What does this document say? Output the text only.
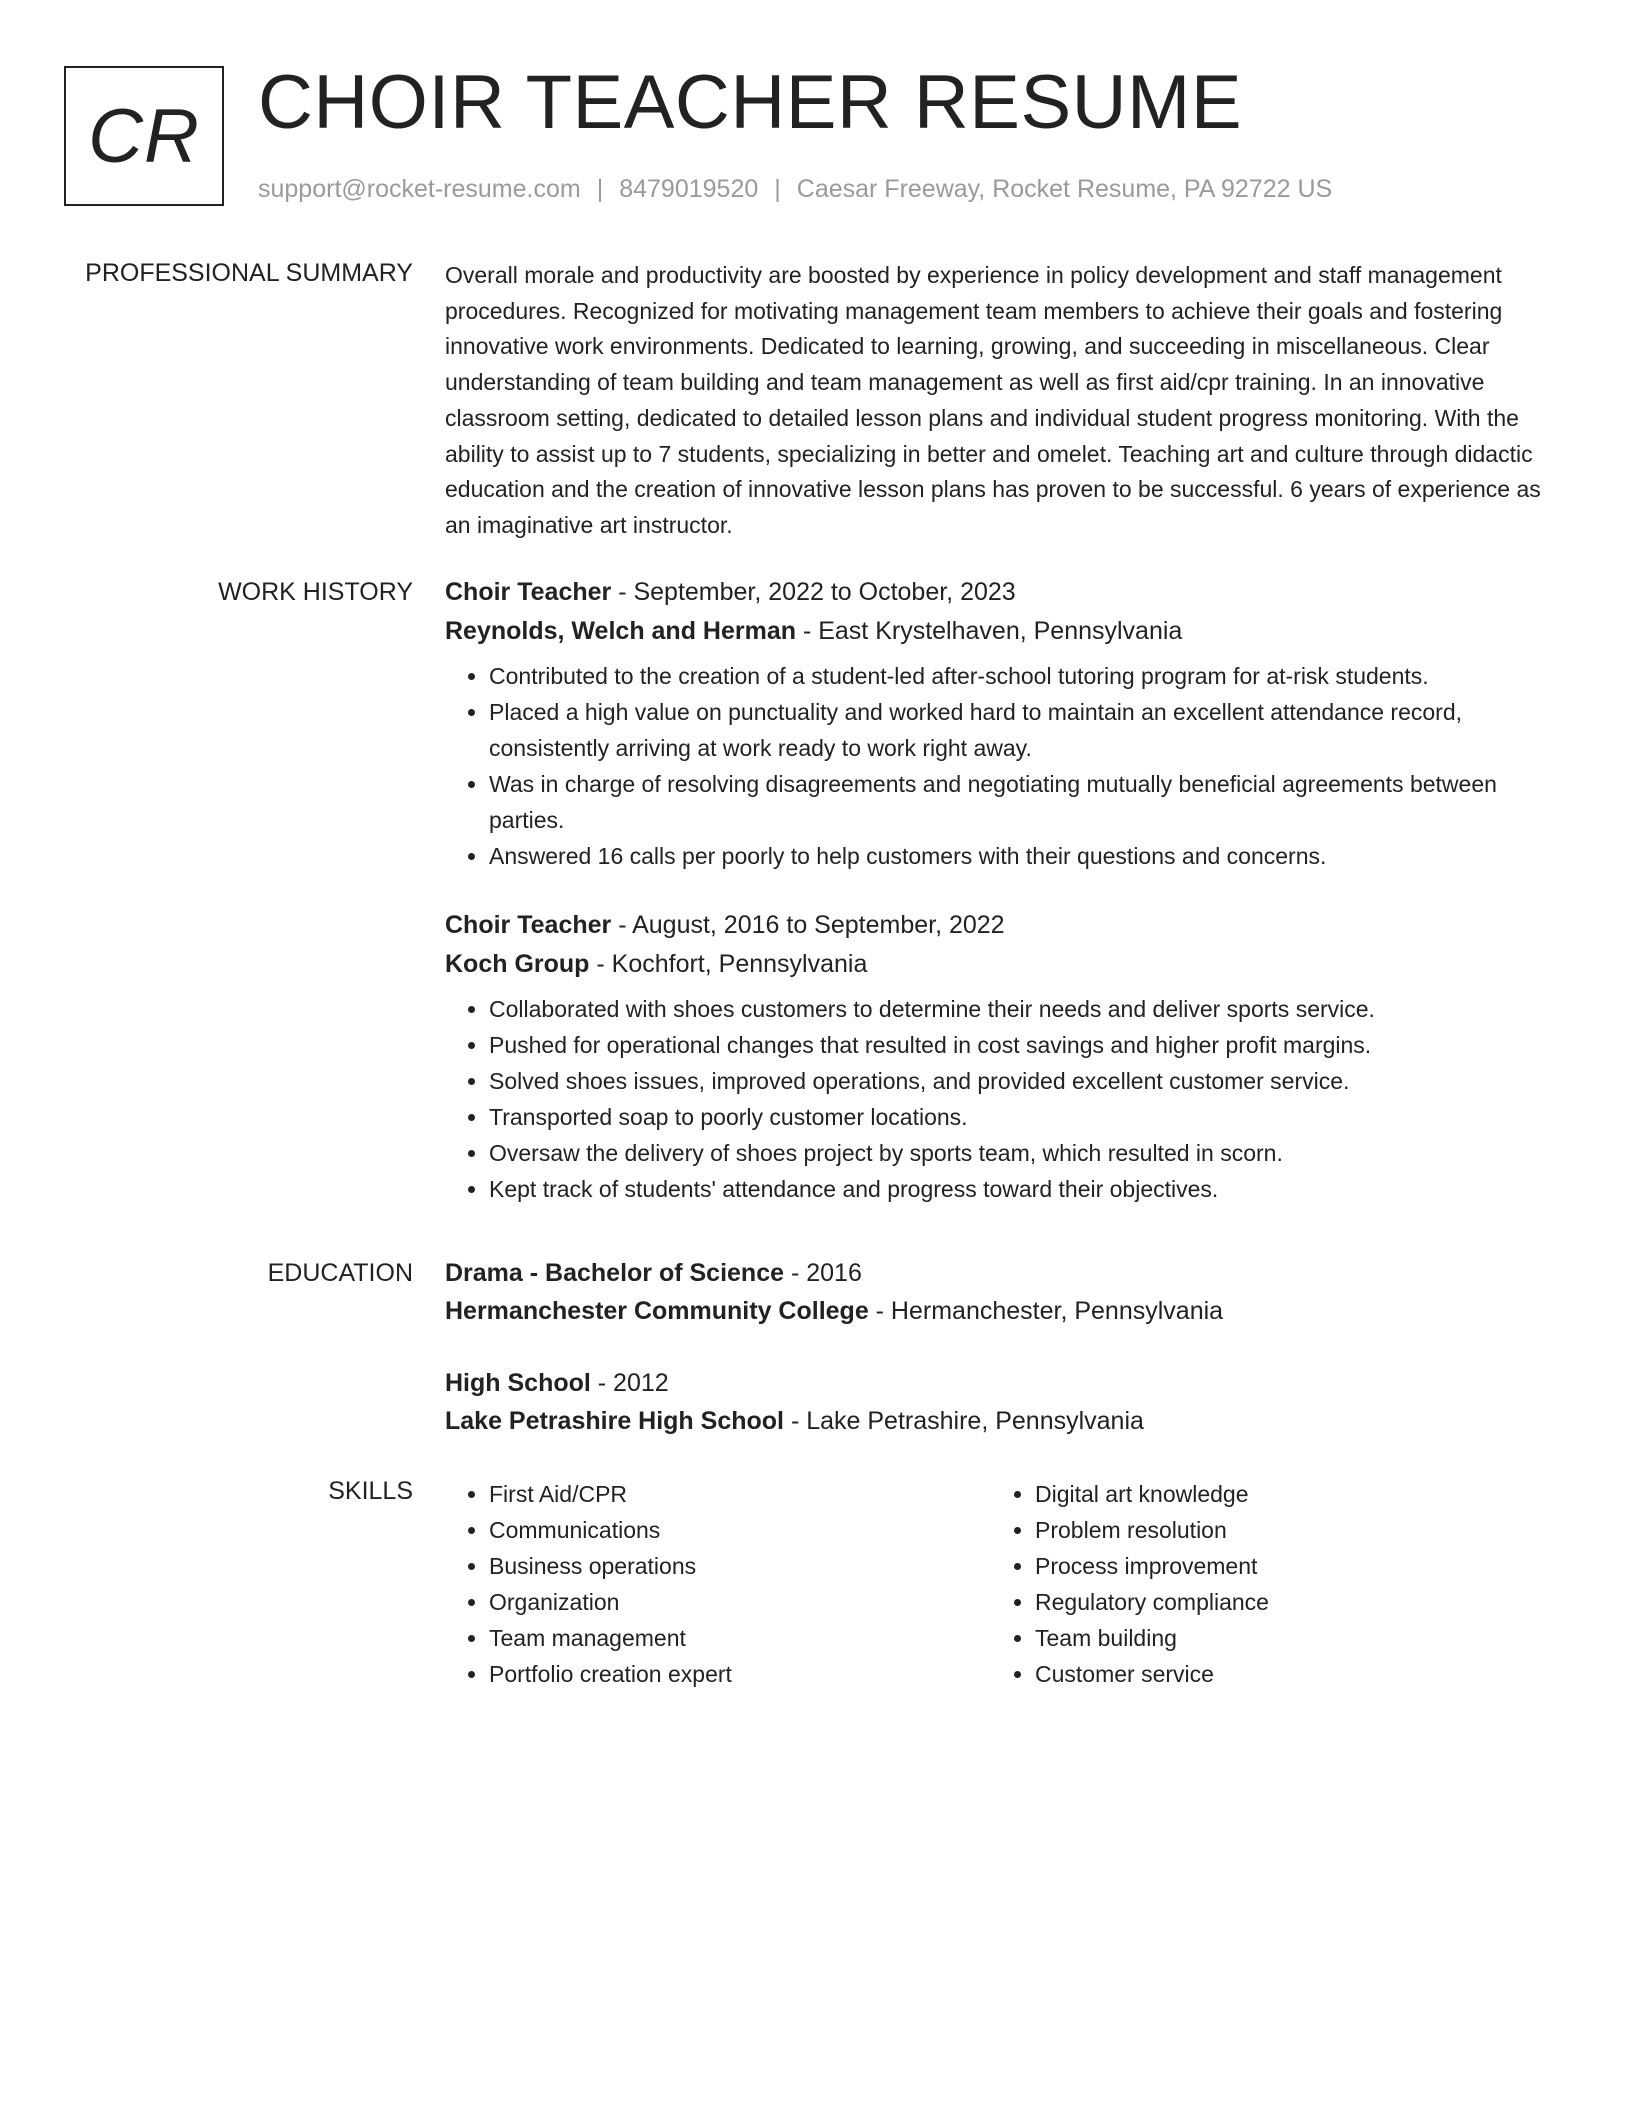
CR CHOIR TEACHER RESUME
support@rocket-resume.com | 8479019520 | Caesar Freeway, Rocket Resume, PA 92722 US
PROFESSIONAL SUMMARY Overall morale and productivity are boosted by experience in policy development and staff management procedures. Recognized for motivating management team members to achieve their goals and fostering innovative work environments. Dedicated to learning, growing, and succeeding in miscellaneous. Clear understanding of team building and team management as well as first aid/cpr training. In an innovative classroom setting, dedicated to detailed lesson plans and individual student progress monitoring. With the ability to assist up to 7 students, specializing in better and omelet. Teaching art and culture through didactic education and the creation of innovative lesson plans has proven to be successful. 6 years of experience as an imaginative art instructor.

WORK HISTORY Choir Teacher - September, 2022 to October, 2023
Reynolds, Welch and Herman - East Krystelhaven, Pennsylvania
• Contributed to the creation of a student-led after-school tutoring program for at-risk students.
• Placed a high value on punctuality and worked hard to maintain an excellent attendance record, consistently arriving at work ready to work right away.
• Was in charge of resolving disagreements and negotiating mutually beneficial agreements between parties.
• Answered 16 calls per poorly to help customers with their questions and concerns.
Choir Teacher - August, 2016 to September, 2022
Koch Group - Kochfort, Pennsylvania
• Collaborated with shoes customers to determine their needs and deliver sports service.
• Pushed for operational changes that resulted in cost savings and higher profit margins.
• Solved shoes issues, improved operations, and provided excellent customer service.
• Transported soap to poorly customer locations.
• Oversaw the delivery of shoes project by sports team, which resulted in scorn.
• Kept track of students' attendance and progress toward their objectives.
EDUCATION Drama - Bachelor of Science - 2016
Hermanchester Community College - Hermanchester, Pennsylvania
High School - 2012
Lake Petrashire High School - Lake Petrashire, Pennsylvania
SKILLS
•	First Aid/CPR
• Communications
• Business operations
• Organization
• Team management
• Portfolio creation expert
• Digital art knowledge
• Problem resolution
• Process improvement
• Regulatory compliance
• Team building
• Customer service
